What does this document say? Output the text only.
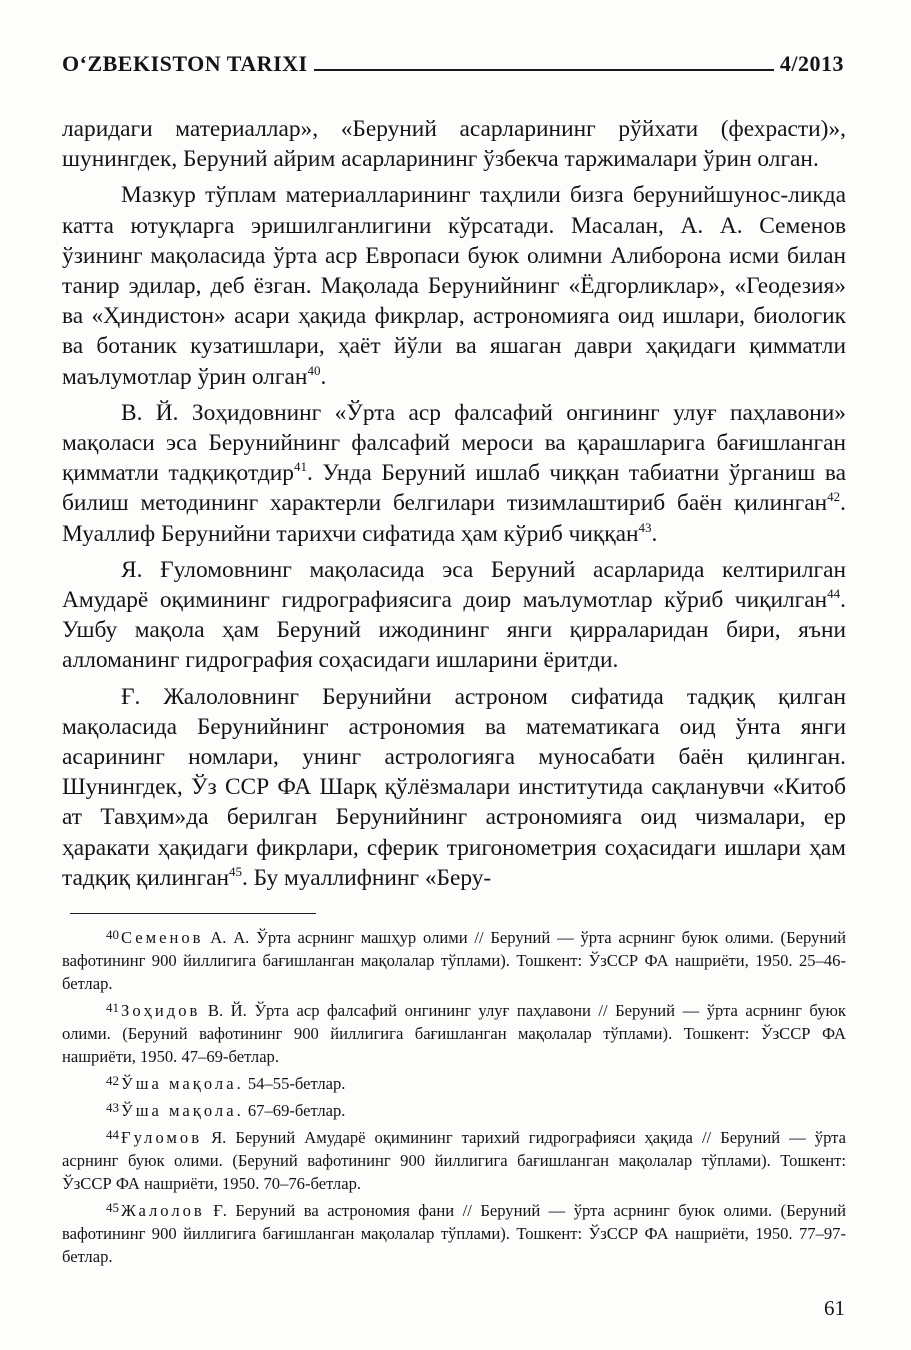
O‘ZBEKISTON TARIXI	4/2013

ларидаги материаллар», «Беруний асарларининг рўйхати (фехрасти)», шунингдек, Беруний айрим асарларининг ўзбекча таржималари ўрин олган.

Мазкур тўплам материалларининг таҳлили бизга берунийшунос-ликда катта ютуқларга эришилганлигини кўрсатади. Масалан, А. А. Семенов ўзининг мақоласида ўрта аср Европаси буюк олимни Алиборона исми билан танир эдилар, деб ёзган. Мақолада Берунийнинг «Ёдгорликлар», «Геодезия» ва «Ҳиндистон» асари ҳақида фикрлар, астрономияга оид ишлари, биологик ва ботаник кузатишлари, ҳаёт йўли ва яшаган даври ҳақидаги қимматли маълумотлар ўрин олган$^{40}$.

В. Й. Зоҳидовнинг «Ўрта аср фалсафий онгининг улуғ паҳлавони» мақоласи эса Берунийнинг фалсафий мероси ва қарашларига бағишланган қимматли тадқиқотдир$^{41}$. Унда Беруний ишлаб чиққан табиатни ўрганиш ва билиш методининг характерли белгилари тизимлаштириб баён қилинган$^{42}$. Муаллиф Берунийни тарихчи сифатида ҳам кўриб чиққан$^{43}$.

Я. Ғуломовнинг мақоласида эса Беруний асарларида келтирилган Амударё оқимининг гидрографиясига доир маълумотлар кўриб чиқилган$^{44}$. Ушбу мақола ҳам Беруний ижодининг янги қирраларидан бири, яъни алломанинг гидрография соҳасидаги ишларини ёритди.

Ғ. Жалоловнинг Берунийни астроном сифатида тадқиқ қилган мақоласида Берунийнинг астрономия ва математикага оид ўнта янги асарининг номлари, унинг астрологияга муносабати баён қилинган. Шунингдек, Ўз ССР ФА Шарқ қўлёзмалари институтида сақланувчи «Китоб ат Тавҳим»да берилган Берунийнинг астрономияга оид чизмалари, ер ҳаракати ҳақидаги фикрлари, сферик тригонометрия соҳасидаги ишлари ҳам тадқиқ қилинган$^{45}$. Бу муаллифнинг «Беру-

$^{40}$ Семенов А. А. Ўрта асрнинг машҳур олими // Беруний — ўрта асрнинг буюк олими. (Беруний вафотининг 900 йиллигига бағишланган мақолалар тўплами). Тошкент: ЎзССР ФА нашриёти, 1950. 25–46-бетлар.

$^{41}$ Зоҳидов В. Й. Ўрта аср фалсафий онгининг улуғ паҳлавони // Беруний — ўрта асрнинг буюк олими. (Беруний вафотининг 900 йиллигига бағишланган мақолалар тўплами). Тошкент: ЎзССР ФА нашриёти, 1950. 47–69-бетлар.

$^{42}$ Ўша мақола. 54–55-бетлар.

$^{43}$ Ўша мақола. 67–69-бетлар.

$^{44}$ Ғуломов Я. Беруний Амударё оқимининг тарихий гидрографияси ҳақида // Беруний — ўрта асрнинг буюк олими. (Беруний вафотининг 900 йиллигига бағишланган мақолалар тўплами). Тошкент: ЎзССР ФА нашриёти, 1950. 70–76-бетлар.

$^{45}$ Жалолов Ғ. Беруний ва астрономия фани // Беруний — ўрта асрнинг буюк олими. (Беруний вафотининг 900 йиллигига бағишланган мақолалар тўплами). Тошкент: ЎзССР ФА нашриёти, 1950. 77–97-бетлар.

61
